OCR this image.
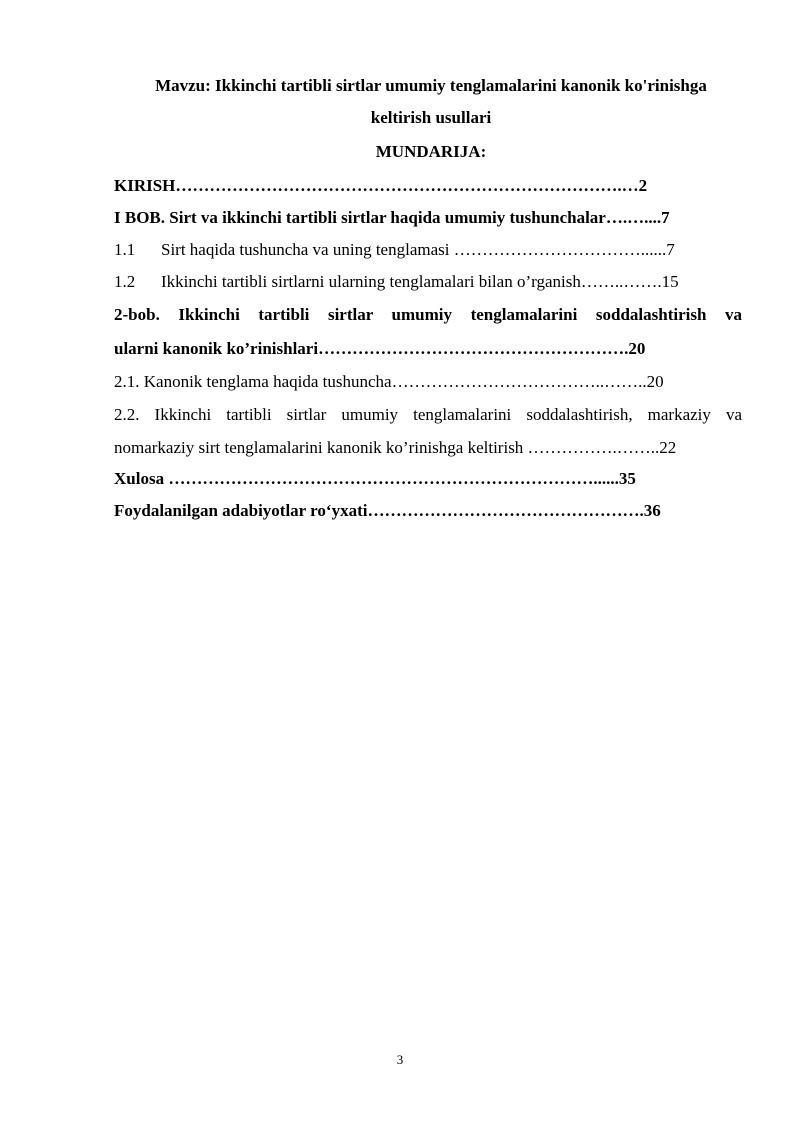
Mavzu: Ikkinchi tartibli sirtlar umumiy tenglamalarini kanonik ko'rinishga
keltirish usullari
MUNDARIJA:
KIRISH…………………………………………………………………….…2
I BOB. Sirt va ikkinchi tartibli sirtlar haqida umumiy tushunchalar….…....7
1.1 Sirt haqida tushuncha va uning tenglamasi ……………………………......7
1.2 Ikkinchi tartibli sirtlarni ularning tenglamalari bilan o’rganish……..…….15
2-bob. Ikkinchi tartibli sirtlar umumiy tenglamalarini soddalashtirish va
ularni kanonik ko’rinishlari……………………………………………….20
2.1. Kanonik tenglama haqida tushuncha………………………………..……..20
2.2. Ikkinchi tartibli sirtlar umumiy tenglamalarini soddalashtirish, markaziy va
nomarkaziy sirt tenglamalarini kanonik ko’rinishga keltirish …………….……..22
Xulosa …………………………………………………………………......35
Foydalanilgan adabiyotlar ro‘yxati………………………………………….36
3
